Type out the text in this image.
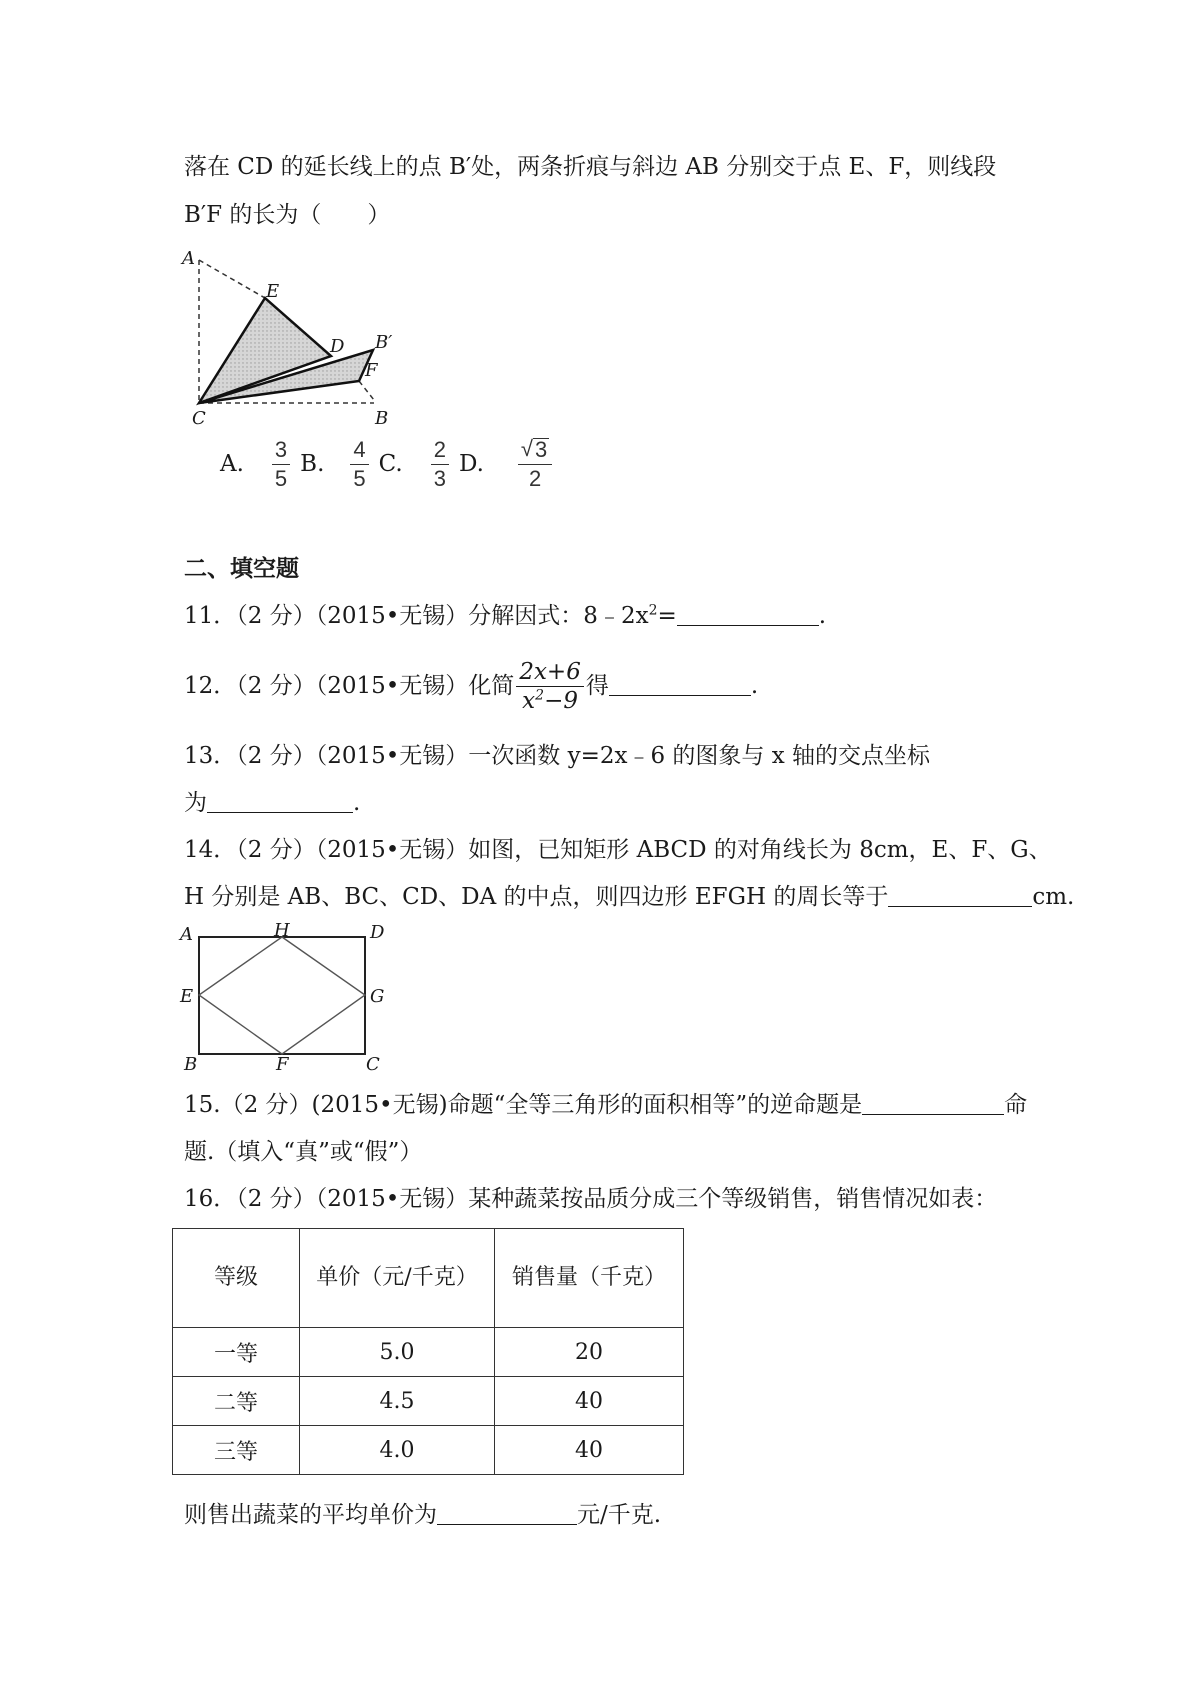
落在 CD 的延长线上的点 B′处，两条折痕与斜边 AB 分别交于点 E、F，则线段
B′F 的长为（　　）
A
E
D B′
F
C	B
A. $\frac{3}{5} B$. $\frac{4}{5} C$. $\frac{2}{3} D$. $\frac{√ 3}{2}$
二、填空题
11．（2 分）（2015•无锡）分解因式：$8﹣2x^2=$	.
12．（2 分）（2015•无锡）化简 $\frac{2x+6}{x^2-9}$ 得	.
13．（2 分）（2015•无锡）一次函数 y=2x﹣6 的图象与 x 轴的交点坐标
为	.
14．（2 分）（2015•无锡）如图，已知矩形 ABCD 的对角线长为 8cm，E、F、G、
H 分别是 AB、BC、CD、DA 的中点，则四边形 EFGH 的周长等于	cm.
A	H	D
E	G
B	F	C
15.（2 分）(2015•无锡)命题“全等三角形的面积相等”的逆命题是	命
题.（填入“真”或“假”）
16．（2 分）（2015•无锡）某种蔬菜按品质分成三个等级销售，销售情况如表：
等级	单价（元/千克）	销售量（千克）
一等	5.0	20
二等	4.5	40
三等	4.0	40
则售出蔬菜的平均单价为	元/千克.
